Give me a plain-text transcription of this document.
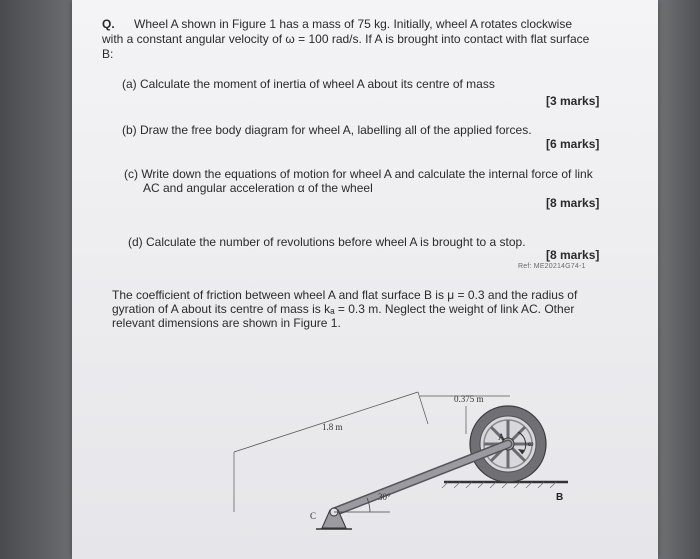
Q. Wheel A shown in Figure 1 has a mass of 75 kg. Initially, wheel A rotates clockwise
with a constant angular velocity of ω = 100 rad/s. If A is brought into contact with flat surface
B:
(a) Calculate the moment of inertia of wheel A about its centre of mass
[3 marks]
(b) Draw the free body diagram for wheel A, labelling all of the applied forces.
[6 marks]
(c) Write down the equations of motion for wheel A and calculate the internal force of link
AC and angular acceleration α of the wheel
[8 marks]
(d) Calculate the number of revolutions before wheel A is brought to a stop.
[8 marks]
Ref: ME20214G74-1
The coefficient of friction between wheel A and flat surface B is μ = 0.3 and the radius of
gyration of A about its centre of mass is kₐ = 0.3 m. Neglect the weight of link AC. Other
relevant dimensions are shown in Figure 1.
0.375 m
1.8 m
30°
A
ω
B
C
